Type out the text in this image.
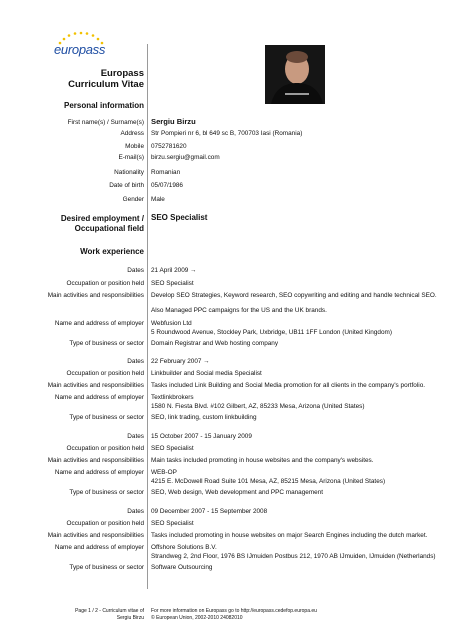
europass
Europass
Curriculum Vitae
Personal information
First name(s) / Surname(s) Sergiu Birzu
Address Str Pompieri nr 6, bl 649 sc B, 700703 Iasi (Romania)
Mobile 0752781620
E-mail(s) birzu.sergiu@gmail.com
Nationality Romanian
Date of birth 05/07/1986
Gender Male
Desired employment /
Occupational field
SEO Specialist
Work experience
Dates 21 April 2009 →
Occupation or position held SEO Specialist
Main activities and responsibilities Develop SEO Strategies, Keyword research, SEO copywriting and editing and handle technical SEO.
Also Managed PPC campaigns for the US and the UK brands.
Name and address of employer Webfusion Ltd
5 Roundwood Avenue, Stockley Park, Uxbridge, UB11 1FF London (United Kingdom)
Type of business or sector Domain Registrar and Web hosting company
Dates 22 February 2007 →
Occupation or position held Linkbuilder and Social media Specialist
Main activities and responsibilities Tasks included Link Building and Social Media promotion for all clients in the company's portfolio.
Name and address of employer Textlinkbrokers
1580 N. Fiesta Blvd. #102 Gilbert, AZ, 85233 Mesa, Arizona (United States)
Type of business or sector SEO, link trading, custom linkbuilding
Dates 15 October 2007 - 15 January 2009
Occupation or position held SEO Specialist
Main activities and responsibilities Main tasks included promoting in house websites and the company's websites.
Name and address of employer WEB-OP
4215 E. McDowell Road Suite 101 Mesa, AZ, 85215 Mesa, Arizona (United States)
Type of business or sector SEO, Web design, Web development and PPC management
Dates 09 December 2007 - 15 September 2008
Occupation or position held SEO Specialist
Main activities and responsibilities Tasks included promoting in house websites on major Search Engines including the dutch market.
Name and address of employer Offshore Solutions B.V.
Strandweg 2, 2nd Floor, 1976 BS IJmuiden Postbus 212, 1970 AB IJmuiden, IJmuiden (Netherlands)
Type of business or sector Software Outsourcing
Page 1 / 2 - Curriculum vitae of
Sergiu Birzu
For more information on Europass go to http://europass.cedefop.europa.eu
© European Union, 2002-2010 24082010
